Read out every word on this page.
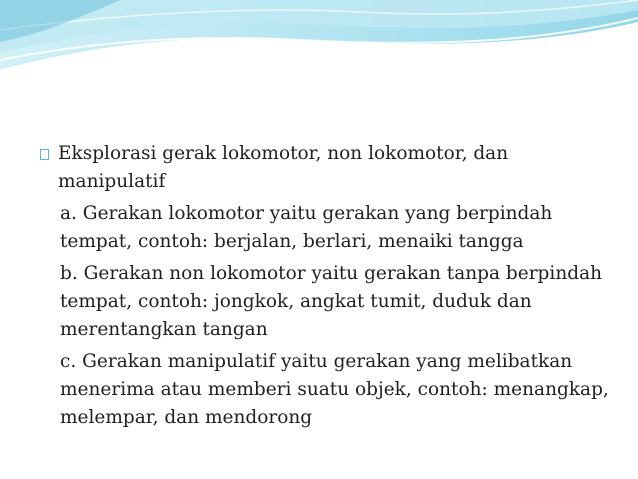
Eksplorasi gerak lokomotor, non lokomotor, dan manipulatif
a. Gerakan lokomotor yaitu gerakan yang berpindah tempat, contoh: berjalan, berlari, menaiki tangga
b. Gerakan non lokomotor yaitu gerakan tanpa berpindah tempat, contoh: jongkok, angkat tumit, duduk dan merentangkan tangan
c. Gerakan manipulatif yaitu gerakan yang melibatkan menerima atau memberi suatu objek, contoh: menangkap, melempar, dan mendorong
